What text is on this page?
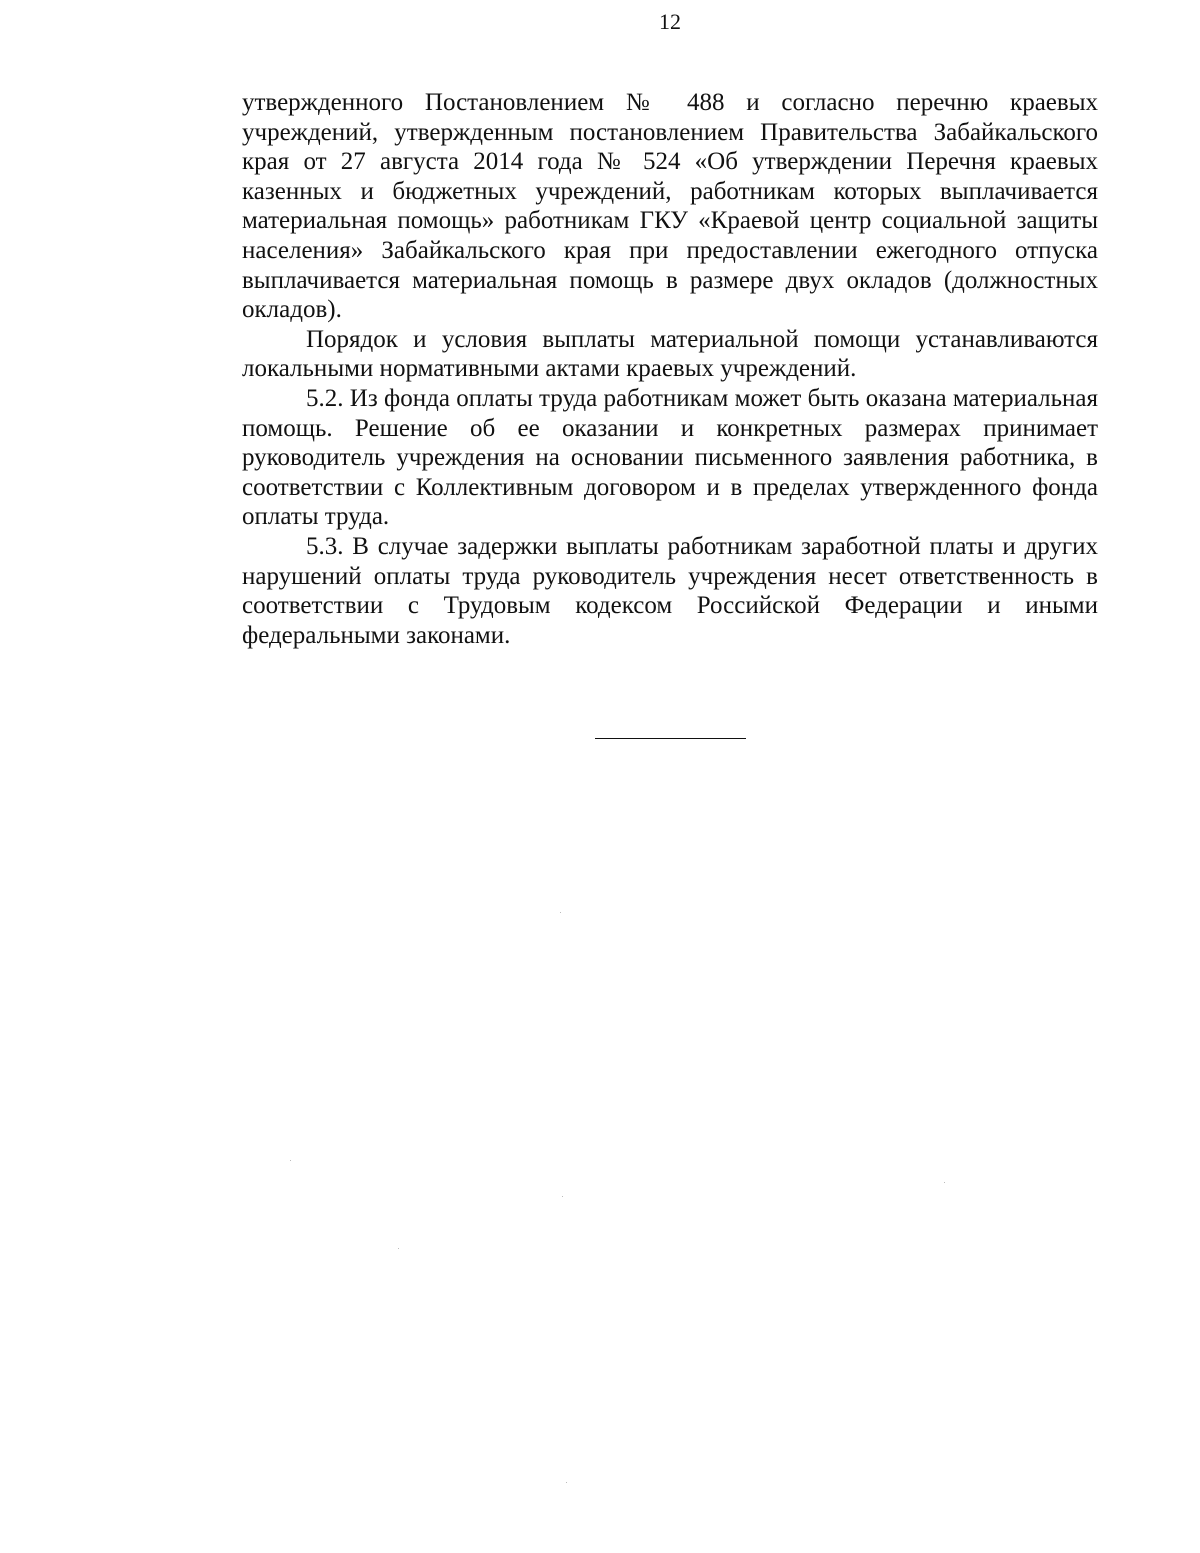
12

утвержденного Постановлением № 488 и согласно перечню краевых учреждений, утвержденным постановлением Правительства Забайкальского края от 27 августа 2014 года № 524 «Об утверждении Перечня краевых казенных и бюджетных учреждений, работникам которых выплачивается материальная помощь» работникам ГКУ «Краевой центр социальной защиты населения» Забайкальского края при предоставлении ежегодного отпуска выплачивается материальная помощь в размере двух окладов (должностных окладов).

Порядок и условия выплаты материальной помощи устанавливаются локальными нормативными актами краевых учреждений.

5.2. Из фонда оплаты труда работникам может быть оказана материальная помощь. Решение об ее оказании и конкретных размерах принимает руководитель учреждения на основании письменного заявления работника, в соответствии с Коллективным договором и в пределах утвержденного фонда оплаты труда.

5.3. В случае задержки выплаты работникам заработной платы и других нарушений оплаты труда руководитель учреждения несет ответственность в соответствии с Трудовым кодексом Российской Федерации и иными федеральными законами.
